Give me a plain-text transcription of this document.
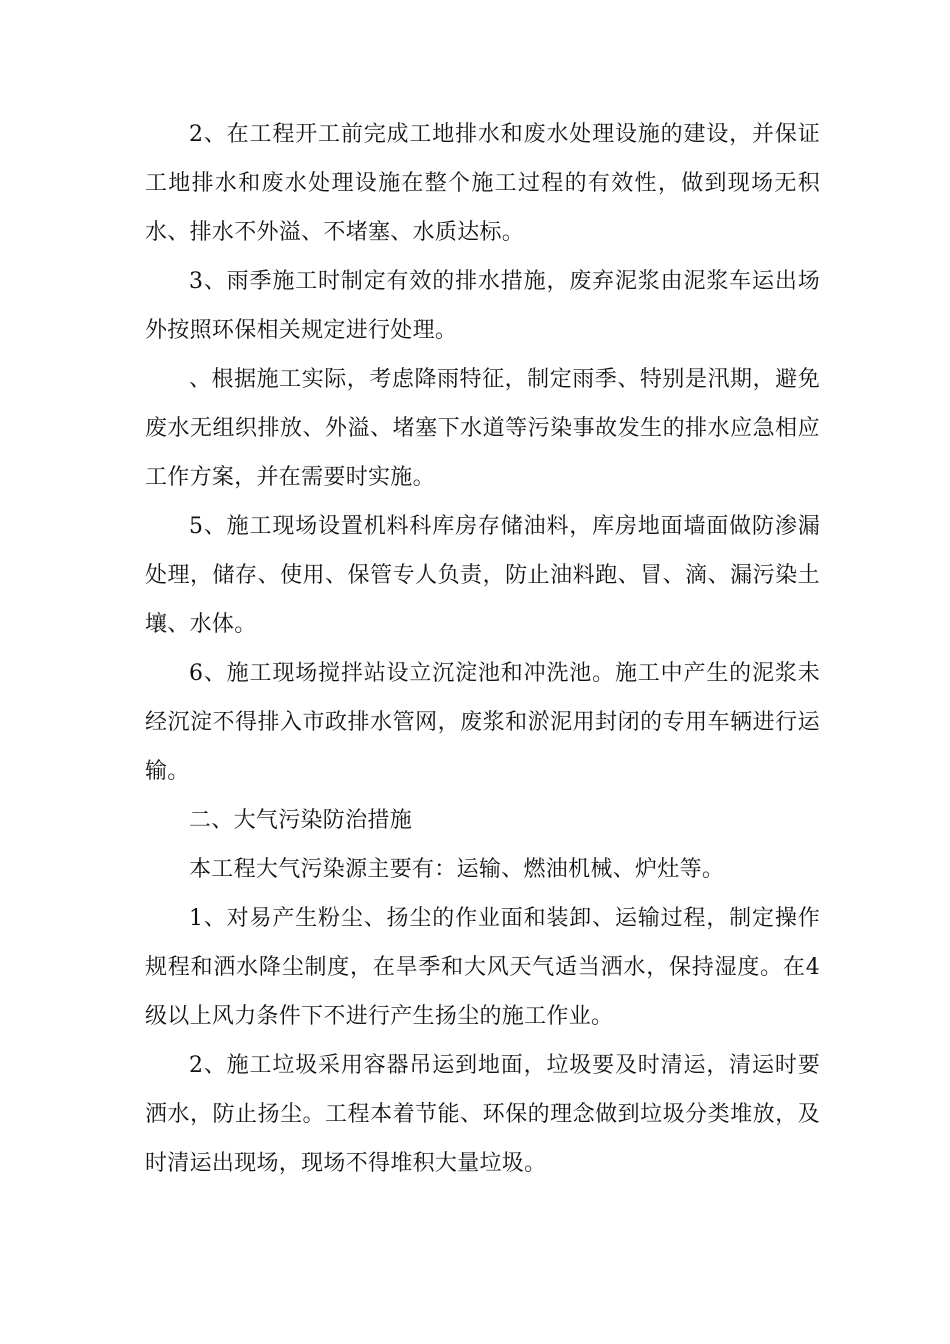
2、在工程开工前完成工地排水和废水处理设施的建设，并保证工地排水和废水处理设施在整个施工过程的有效性，做到现场无积水、排水不外溢、不堵塞、水质达标。

3、雨季施工时制定有效的排水措施，废弃泥浆由泥浆车运出场外按照环保相关规定进行处理。

、根据施工实际，考虑降雨特征，制定雨季、特别是汛期，避免废水无组织排放、外溢、堵塞下水道等污染事故发生的排水应急相应工作方案，并在需要时实施。

5、施工现场设置机料科库房存储油料，库房地面墙面做防渗漏处理，储存、使用、保管专人负责，防止油料跑、冒、滴、漏污染土壤、水体。

6、施工现场搅拌站设立沉淀池和冲洗池。施工中产生的泥浆未经沉淀不得排入市政排水管网，废浆和淤泥用封闭的专用车辆进行运输。

二、大气污染防治措施

本工程大气污染源主要有：运输、燃油机械、炉灶等。

1、对易产生粉尘、扬尘的作业面和装卸、运输过程，制定操作规程和洒水降尘制度，在旱季和大风天气适当洒水，保持湿度。在4级以上风力条件下不进行产生扬尘的施工作业。

2、施工垃圾采用容器吊运到地面，垃圾要及时清运，清运时要洒水，防止扬尘。工程本着节能、环保的理念做到垃圾分类堆放，及时清运出现场，现场不得堆积大量垃圾。
